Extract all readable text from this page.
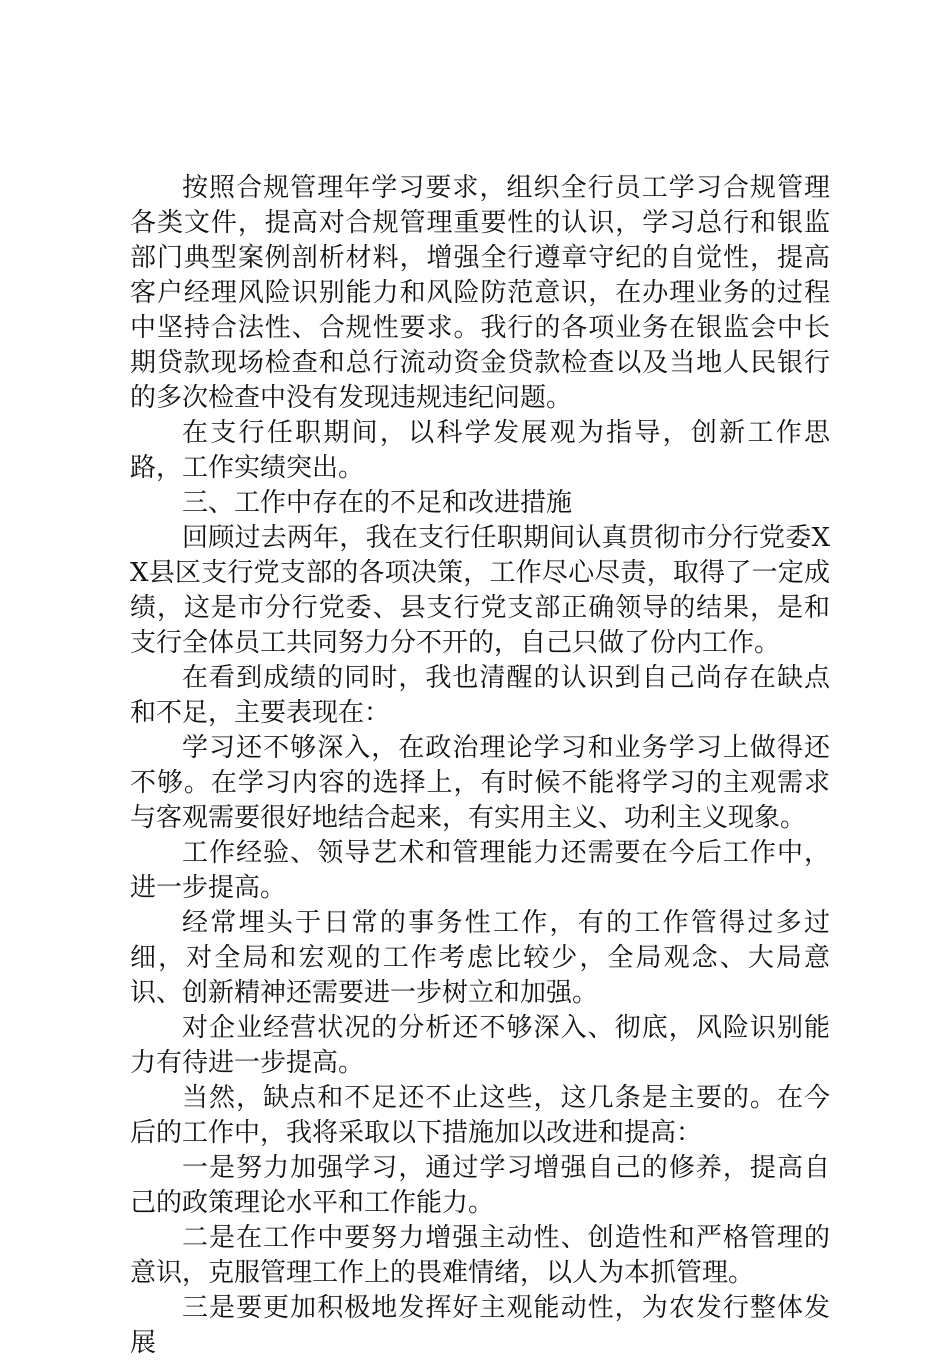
按照合规管理年学习要求，组织全行员工学习合规管理各类文件，提高对合规管理重要性的认识，学习总行和银监部门典型案例剖析材料，增强全行遵章守纪的自觉性，提高客户经理风险识别能力和风险防范意识，在办理业务的过程中坚持合法性、合规性要求。我行的各项业务在银监会中长期贷款现场检查和总行流动资金贷款检查以及当地人民银行的多次检查中没有发现违规违纪问题。

在支行任职期间，以科学发展观为指导，创新工作思路，工作实绩突出。

三、工作中存在的不足和改进措施

回顾过去两年，我在支行任职期间认真贯彻市分行党委XX县区支行党支部的各项决策，工作尽心尽责，取得了一定成绩，这是市分行党委、县支行党支部正确领导的结果，是和支行全体员工共同努力分不开的，自己只做了份内工作。

在看到成绩的同时，我也清醒的认识到自己尚存在缺点和不足，主要表现在：

学习还不够深入，在政治理论学习和业务学习上做得还不够。在学习内容的选择上，有时候不能将学习的主观需求与客观需要很好地结合起来，有实用主义、功利主义现象。

工作经验、领导艺术和管理能力还需要在今后工作中，进一步提高。

经常埋头于日常的事务性工作，有的工作管得过多过细，对全局和宏观的工作考虑比较少，全局观念、大局意识、创新精神还需要进一步树立和加强。

对企业经营状况的分析还不够深入、彻底，风险识别能力有待进一步提高。

当然，缺点和不足还不止这些，这几条是主要的。在今后的工作中，我将采取以下措施加以改进和提高：

一是努力加强学习，通过学习增强自己的修养，提高自己的政策理论水平和工作能力。

二是在工作中要努力增强主动性、创造性和严格管理的意识，克服管理工作上的畏难情绪，以人为本抓管理。

三是要更加积极地发挥好主观能动性，为农发行整体发展
